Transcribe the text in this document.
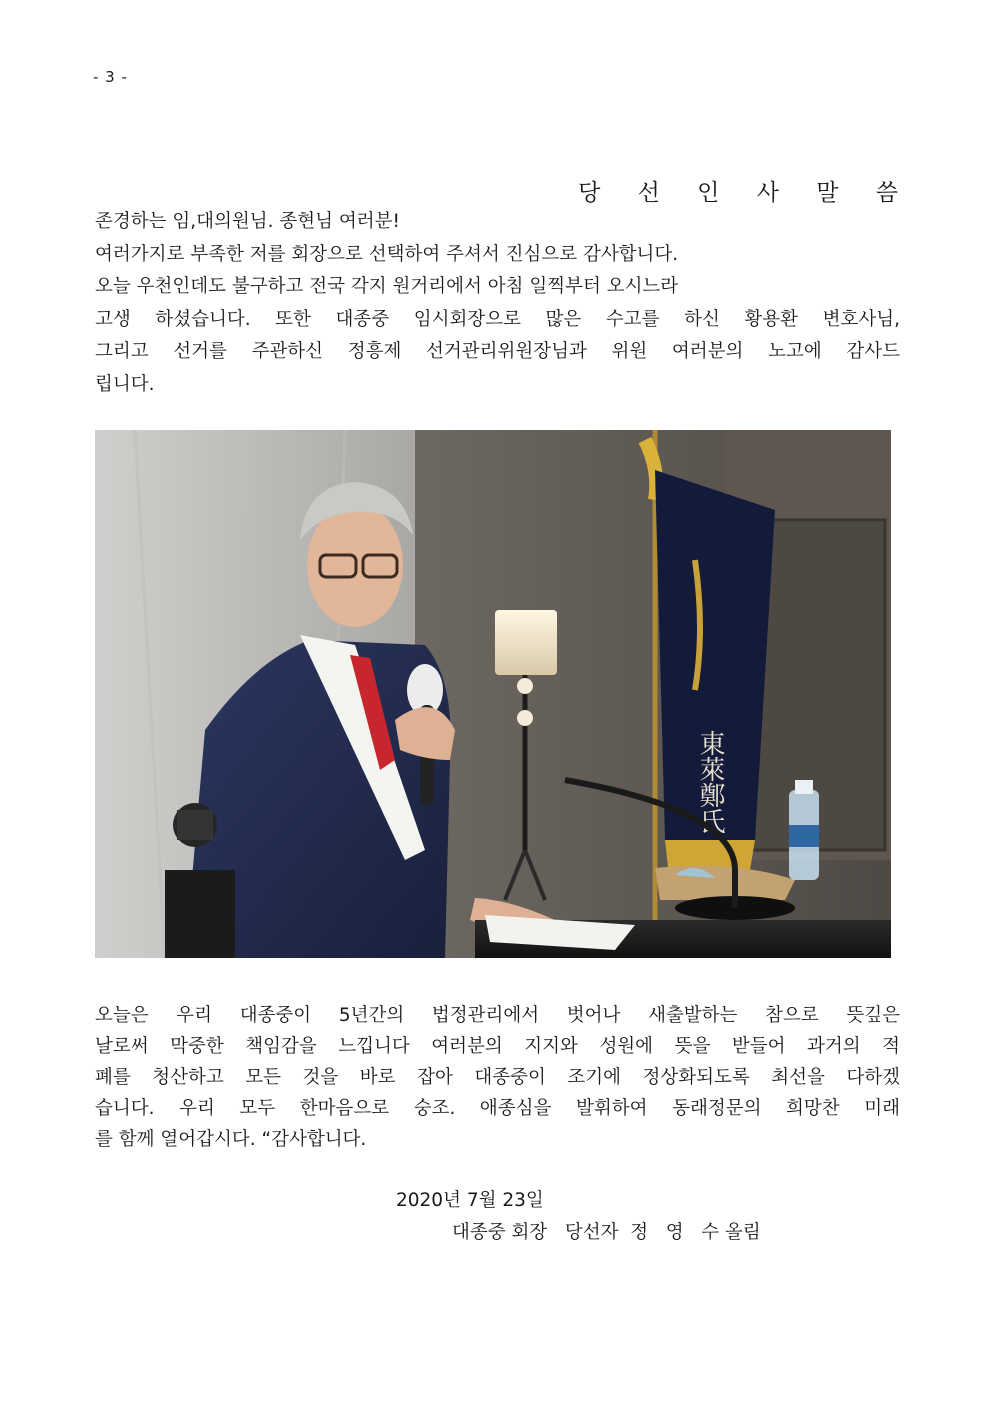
- 3 -
당 선 인 사 말 씀
존경하는 임,대의원님. 종현님 여러분!
여러가지로 부족한 저를 회장으로 선택하여 주셔서 진심으로 감사합니다.
오늘 우천인데도 불구하고 전국 각지 원거리에서 아침 일찍부터 오시느라
고생 하셨습니다. 또한 대종중 임시회장으로 많은 수고를 하신 황용환 변호사님,
그리고 선거를 주관하신 정흥제 선거관리위원장님과 위원 여러분의 노고에 감사드
립니다.
東萊鄭氏
오늘은 우리 대종중이 5년간의 법정관리에서 벗어나 새출발하는 참으로 뜻깊은
날로써 막중한 책임감을 느낍니다 여러분의 지지와 성원에 뜻을 받들어 과거의 적
폐를 청산하고 모든 것을 바로 잡아 대종중이 조기에 정상화되도록 최선을 다하겠
습니다. 우리 모두 한마음으로 숭조. 애종심을 발휘하여 동래정문의 희망찬 미래
를 함께 열어갑시다. “감사합니다.
2020년 7월 23일
대종중 회장   당선자  정   영   수 올림
